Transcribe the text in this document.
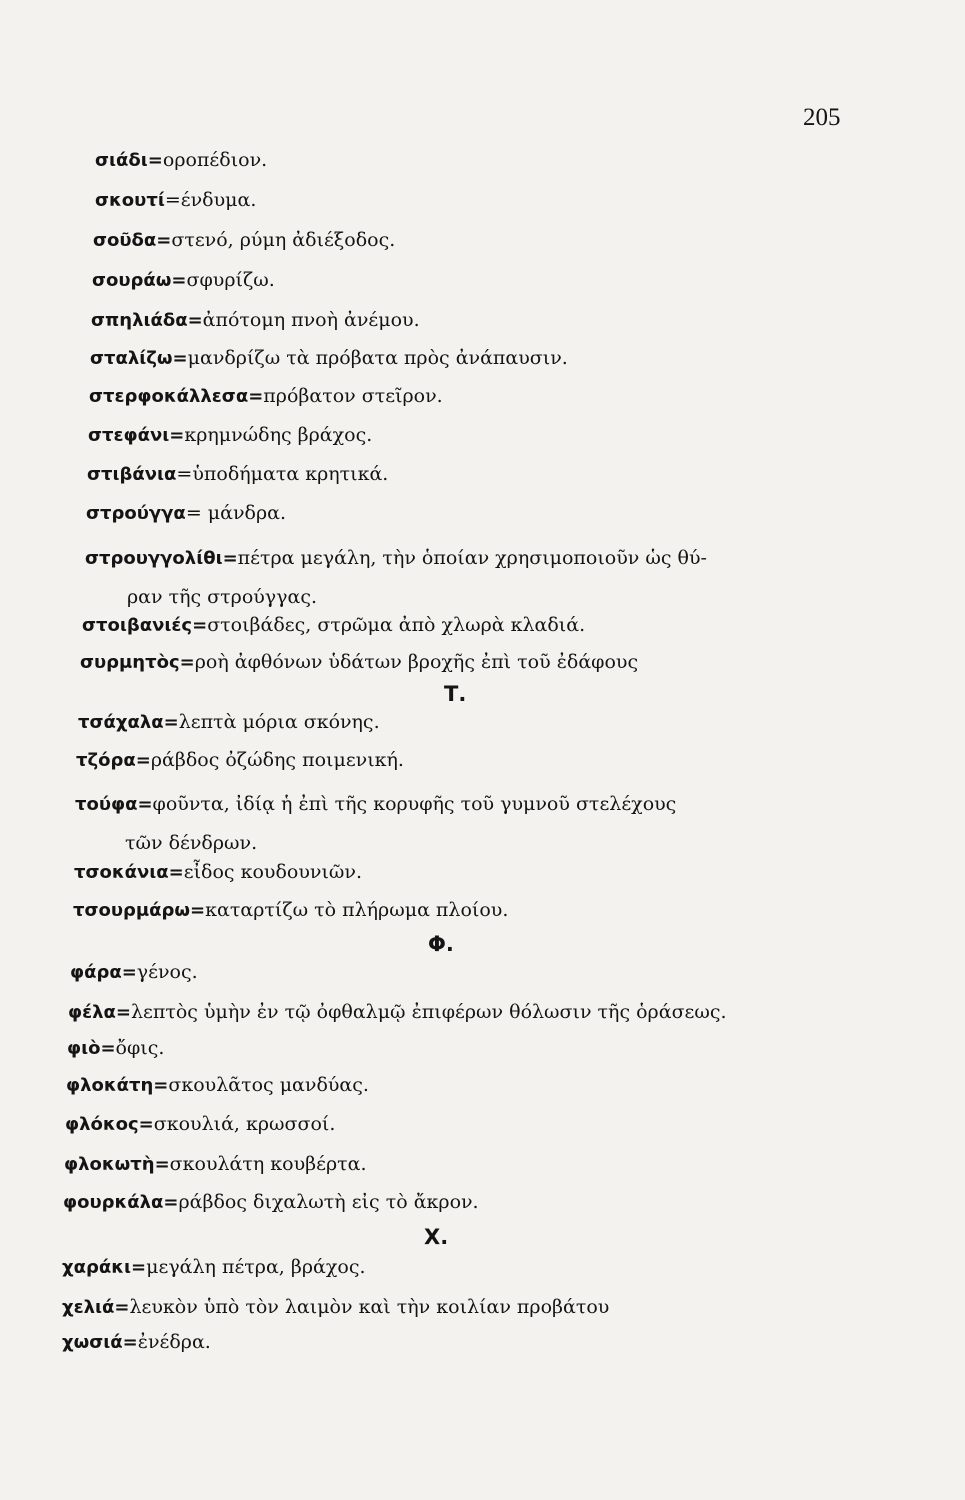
205
σιάδι=οροπέδιον.
σκουτί=ένδυμα.
σοῦδα=στενό, ρύμη ἀδιέξοδος.
σουράω=σφυρίζω.
σπηλιάδα=ἀπότομη πνοὴ ἀνέμου.
σταλίζω=μανδρίζω τὰ πρόβατα πρὸς ἀνάπαυσιν.
στερφοκάλλεσα=πρόβατον στεῖρον.
στεφάνι=κρημνώδης βράχος.
στιβάνια=ὑποδήματα κρητικά.
στρούγγα= μάνδρα.
στρουγγολίθι=πέτρα μεγάλη, τὴν ὁποίαν χρησιμοποιοῦν ὡς θύ-
ραν τῆς στρούγγας.
στοιβανιές=στοιβάδες, στρῶμα ἀπὸ χλωρὰ κλαδιά.
συρμητὸς=ροὴ ἀφθόνων ὑδάτων βροχῆς ἐπὶ τοῦ ἐδάφους
Τ.
τσάχαλα=λεπτὰ μόρια σκόνης.
τζόρα=ράβδος ὀζώδης ποιμενική.
τούφα=φοῦντα, ἰδίᾳ ἡ ἐπὶ τῆς κορυφῆς τοῦ γυμνοῦ στελέχους
τῶν δένδρων.
τσοκάνια=εἶδος κουδουνιῶν.
τσουρμάρω=καταρτίζω τὸ πλήρωμα πλοίου.
Φ.
φάρα=γένος.
φέλα=λεπτὸς ὑμὴν ἐν τῷ ὀφθαλμῷ ἐπιφέρων θόλωσιν τῆς ὁράσεως.
φιὸ=ὄφις.
φλοκάτη=σκουλᾶτος μανδύας.
φλόκος=σκουλιά, κρωσσοί.
φλοκωτὴ=σκουλάτη κουβέρτα.
φουρκάλα=ράβδος διχαλωτὴ εἰς τὸ ἄκρον.
Χ.
χαράκι=μεγάλη πέτρα, βράχος.
χελιά=λευκὸν ὑπὸ τὸν λαιμὸν καὶ τὴν κοιλίαν προβάτου
χωσιά=ἐνέδρα.
